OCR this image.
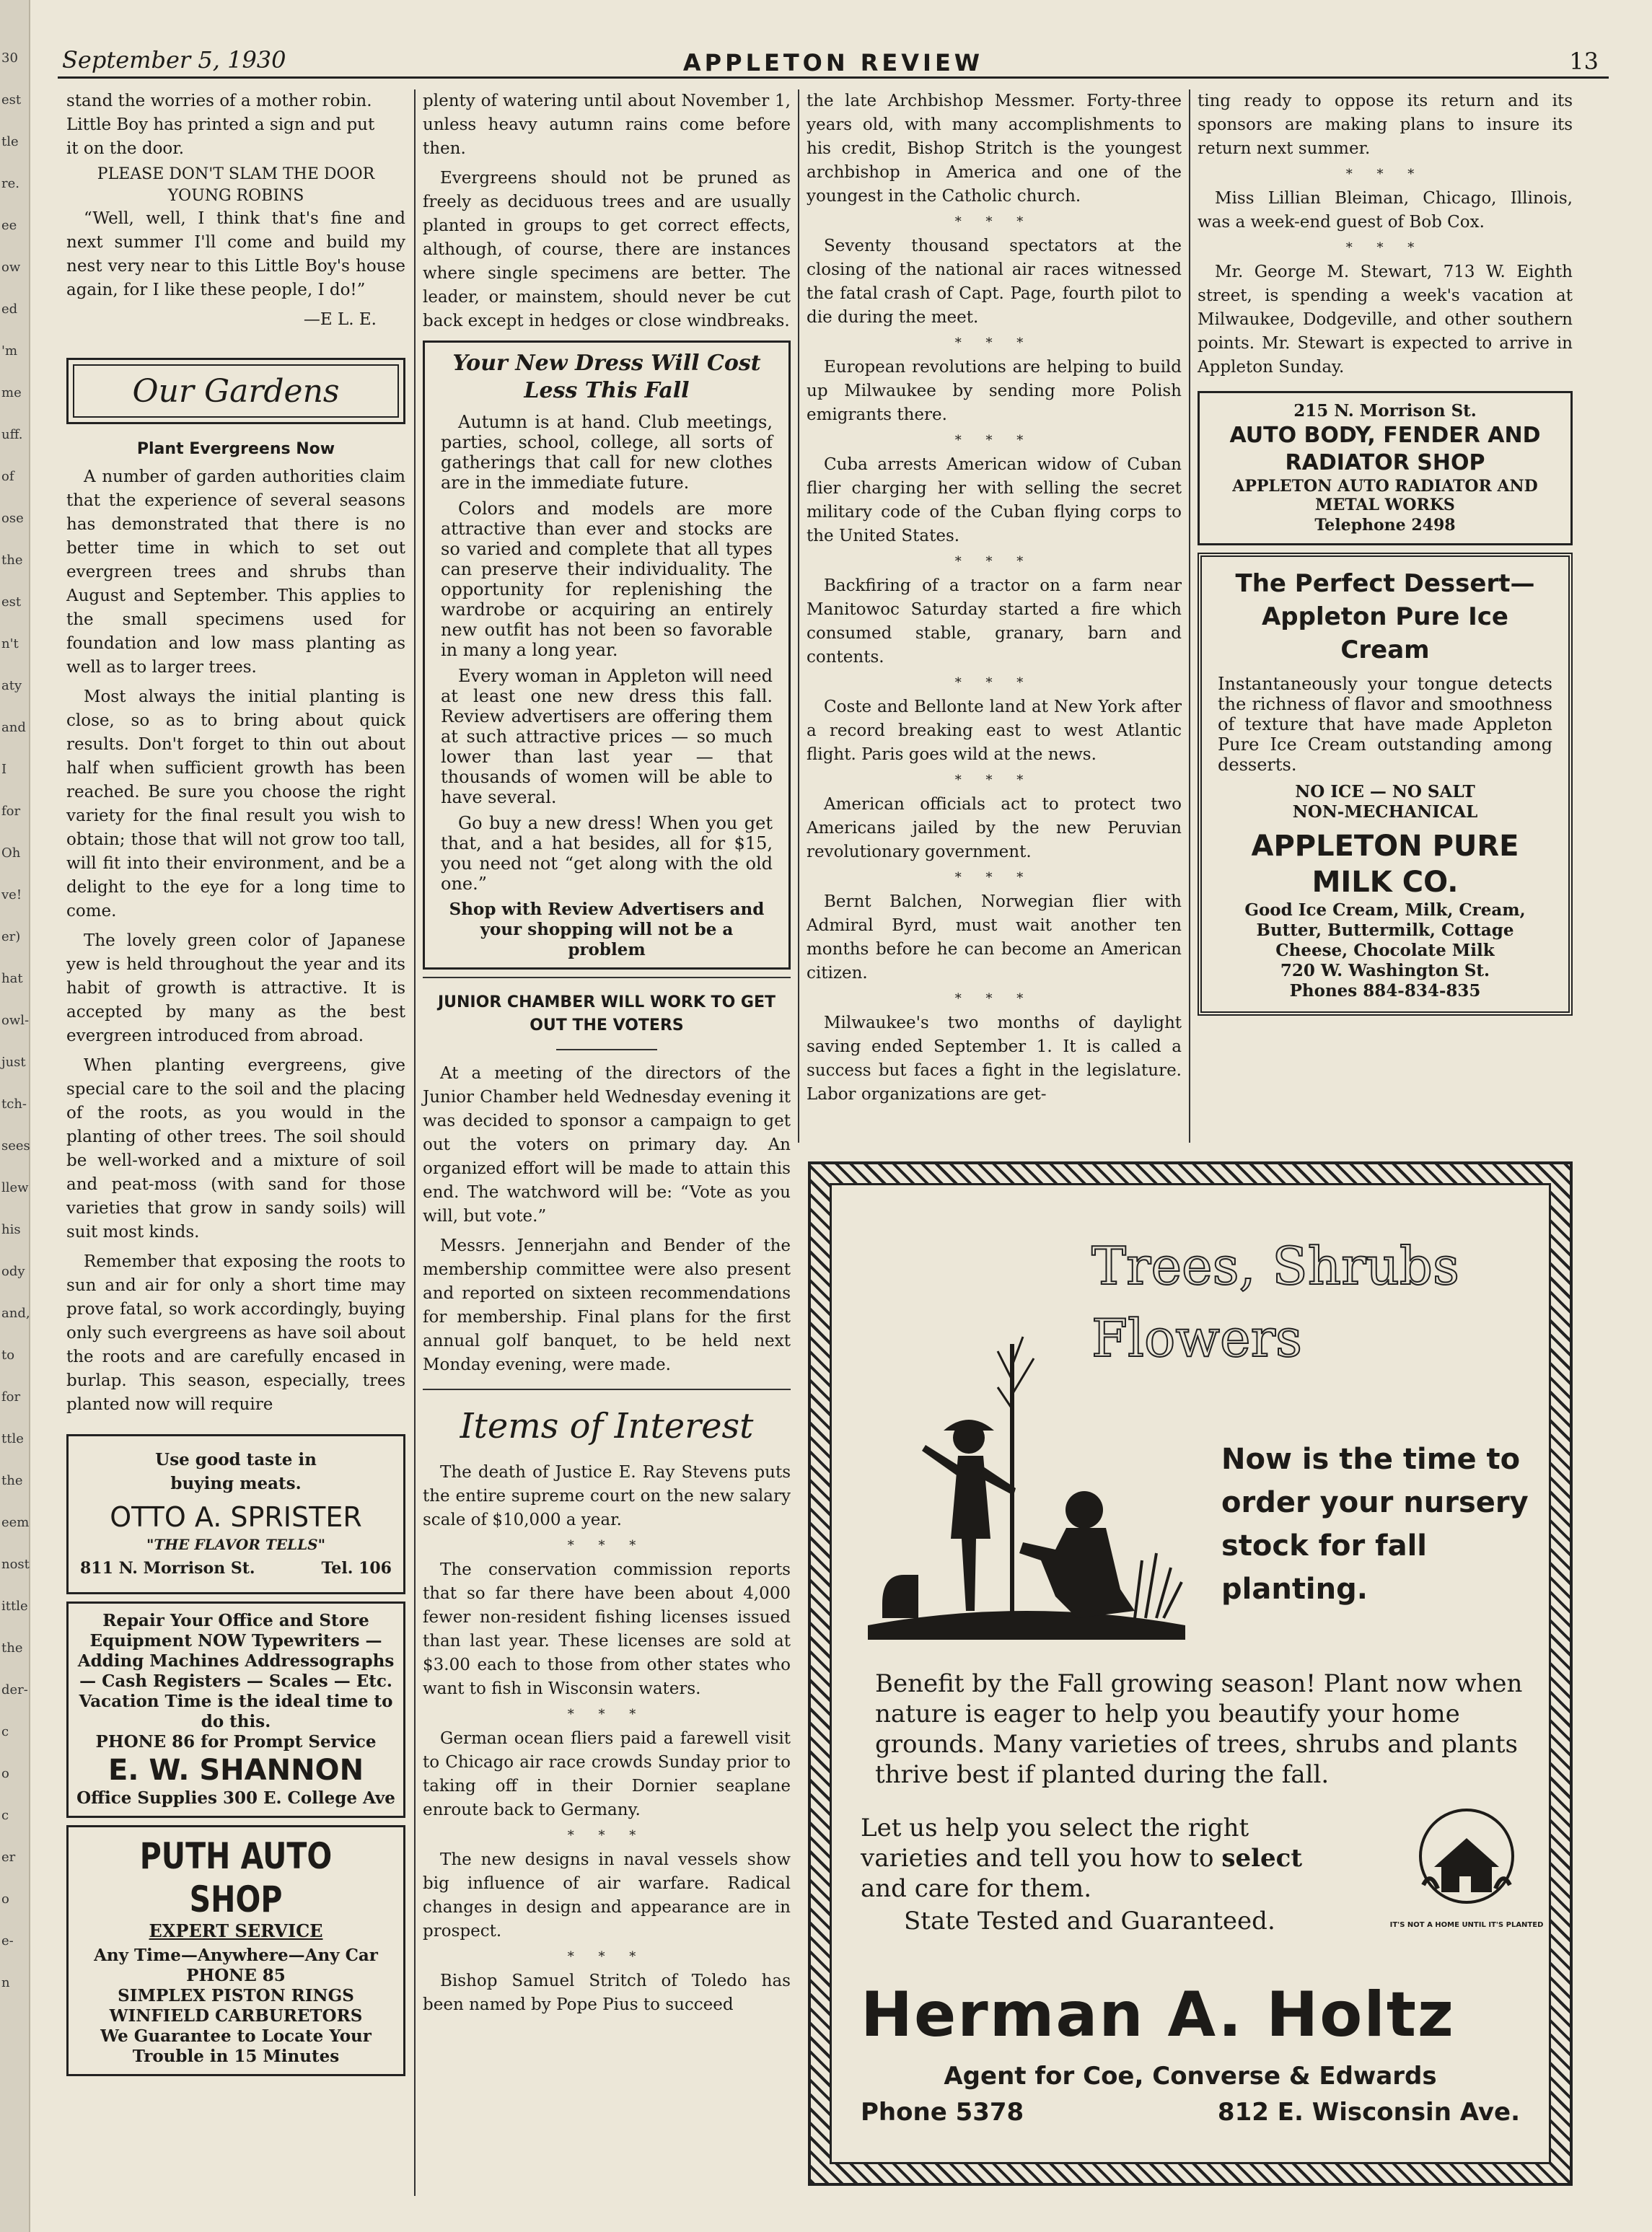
30
est
tle
re.
ee
ow
ed
'm
me
uff.
of
ose
the
est
n't
aty
and
I
for
Oh
ve!
er)
hat
owl-
just
tch-
sees
llew
his
ody
and,
to
for
ttle
the
eem
nost
ittle
the
der-
c
o
c
er
o
e-
n
September 5, 1930	APPLETON REVIEW	13
stand the worries of a mother robin.
Little Boy has printed a sign and put
it on the door.
PLEASE DON'T SLAM THE DOOR
YOUNG ROBINS

“Well, well, I think that's fine and next summer I'll come and build my nest very near to this Little Boy's house again, for I like these people, I do!”

—E L. E.
Our Gardens
Plant Evergreens Now

A number of garden authorities claim that the experience of several seasons has demonstrated that there is no better time in which to set out evergreen trees and shrubs than August and September. This applies to the small specimens used for foundation and low mass planting as well as to larger trees.

Most always the initial planting is close, so as to bring about quick results. Don't forget to thin out about half when sufficient growth has been reached. Be sure you choose the right variety for the final result you wish to obtain; those that will not grow too tall, will fit into their environment, and be a delight to the eye for a long time to come.

The lovely green color of Japanese yew is held throughout the year and its habit of growth is attractive. It is accepted by many as the best evergreen introduced from abroad.

When planting evergreens, give special care to the soil and the placing of the roots, as you would in the planting of other trees. The soil should be well-worked and a mixture of soil and peat-moss (with sand for those varieties that grow in sandy soils) will suit most kinds.

Remember that exposing the roots to sun and air for only a short time may prove fatal, so work accordingly, buying only such evergreens as have soil about the roots and are carefully encased in burlap. This season, especially, trees planted now will require

Use good taste in
buying meats.
OTTO A. SPRISTER
"THE FLAVOR TELLS"
811 N. Morrison St.	Tel. 106
Repair Your Office and Store Equipment NOW Typewriters — Adding Machines Addressographs — Cash Registers — Scales — Etc. Vacation Time is the ideal time to do this.
PHONE 86 for Prompt Service
E. W. SHANNON
Office Supplies 300 E. College Ave
PUTH AUTO SHOP
EXPERT SERVICE
Any Time—Anywhere—Any Car
PHONE 85
SIMPLEX PISTON RINGS
WINFIELD CARBURETORS
We Guarantee to Locate Your Trouble in 15 Minutes

plenty of watering until about November 1, unless heavy autumn rains come before then.

Evergreens should not be pruned as freely as deciduous trees and are usually planted in groups to get correct effects, although, of course, there are instances where single specimens are better. The leader, or mainstem, should never be cut back except in hedges or close windbreaks.

Your New Dress Will Cost Less This Fall

Autumn is at hand. Club meetings, parties, school, college, all sorts of gatherings that call for new clothes are in the immediate future.

Colors and models are more attractive than ever and stocks are so varied and complete that all types can preserve their individuality. The opportunity for replenishing the wardrobe or acquiring an entirely new outfit has not been so favorable in many a long year.

Every woman in Appleton will need at least one new dress this fall. Review advertisers are offering them at such attractive prices — so much lower than last year — that thousands of women will be able to have several.

Go buy a new dress! When you get that, and a hat besides, all for $15, you need not “get along with the old one.”

Shop with Review Advertisers and your shopping will not be a problem
JUNIOR CHAMBER WILL WORK TO GET OUT THE VOTERS

At a meeting of the directors of the Junior Chamber held Wednesday evening it was decided to sponsor a campaign to get out the voters on primary day. An organized effort will be made to attain this end. The watchword will be: “Vote as you will, but vote.”

Messrs. Jennerjahn and Bender of the membership committee were also present and reported on sixteen recommendations for membership. Final plans for the first annual golf banquet, to be held next Monday evening, were made.

Items of Interest

The death of Justice E. Ray Stevens puts the entire supreme court on the new salary scale of $10,000 a year.

* * *

The conservation commission reports that so far there have been about 4,000 fewer non-resident fishing licenses issued than last year. These licenses are sold at $3.00 each to those from other states who want to fish in Wisconsin waters.

* * *

German ocean fliers paid a farewell visit to Chicago air race crowds Sunday prior to taking off in their Dornier seaplane enroute back to Germany.

* * *

The new designs in naval vessels show big influence of air warfare. Radical changes in design and appearance are in prospect.

* * *

Bishop Samuel Stritch of Toledo has been named by Pope Pius to succeed

the late Archbishop Messmer. Forty-three years old, with many accomplishments to his credit, Bishop Stritch is the youngest archbishop in America and one of the youngest in the Catholic church.

* * *

Seventy thousand spectators at the closing of the national air races witnessed the fatal crash of Capt. Page, fourth pilot to die during the meet.

* * *

European revolutions are helping to build up Milwaukee by sending more Polish emigrants there.

* * *

Cuba arrests American widow of Cuban flier charging her with selling the secret military code of the Cuban flying corps to the United States.

* * *

Backfiring of a tractor on a farm near Manitowoc Saturday started a fire which consumed stable, granary, barn and contents.

* * *

Coste and Bellonte land at New York after a record breaking east to west Atlantic flight. Paris goes wild at the news.

* * *

American officials act to protect two Americans jailed by the new Peruvian revolutionary government.

* * *

Bernt Balchen, Norwegian flier with Admiral Byrd, must wait another ten months before he can become an American citizen.

* * *

Milwaukee's two months of daylight saving ended September 1. It is called a success but faces a fight in the legislature. Labor organizations are get-

ting ready to oppose its return and its sponsors are making plans to insure its return next summer.

* * *

Miss Lillian Bleiman, Chicago, Illinois, was a week-end guest of Bob Cox.

* * *

Mr. George M. Stewart, 713 W. Eighth street, is spending a week's vacation at Milwaukee, Dodgeville, and other southern points. Mr. Stewart is expected to arrive in Appleton Sunday.

215 N. Morrison St.
AUTO BODY, FENDER AND RADIATOR SHOP
APPLETON AUTO RADIATOR AND METAL WORKS
Telephone 2498
The Perfect Dessert— Appleton Pure Ice Cream
Instantaneously your tongue detects the richness of flavor and smoothness of texture that have made Appleton Pure Ice Cream outstanding among desserts.
NO ICE — NO SALT
NON-MECHANICAL
APPLETON PURE MILK CO.
Good Ice Cream, Milk, Cream, Butter, Buttermilk, Cottage Cheese, Chocolate Milk
720 W. Washington St.
Phones 884-834-835
Trees, Shrubs
Flowers
Now is the time to order your nursery stock for fall planting.
Benefit by the Fall growing season! Plant now when nature is eager to help you beautify your home grounds. Many varieties of trees, shrubs and plants thrive best if planted during the fall.
Let us help you select the right varieties and tell you how to select and care for them.
State Tested and Guaranteed.	IT'S NOT A HOME UNTIL IT'S PLANTED
Herman A. Holtz
Agent for Coe, Converse & Edwards
Phone 5378	812 E. Wisconsin Ave.
